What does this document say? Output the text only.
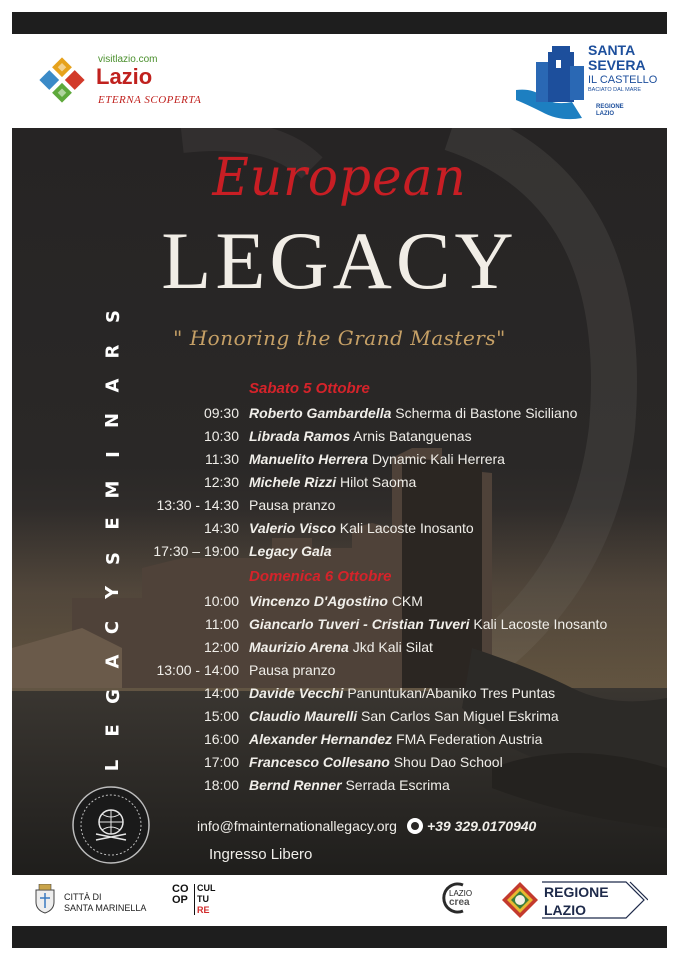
visitlazio.com
Lazio
ETERNA SCOPERTA
SANTA
SEVERA
IL CASTELLO
BACIATO DAL MARE
REGIONE
LAZIO
European
LEGACY
" Honoring the Grand Masters"
S
R
A
N
I
M
E
S
Y
C
A
G
E
L
Sabato 5 Ottobre
09:30 Roberto Gambardella Scherma di Bastone Siciliano
10:30 Librada Ramos Arnis Batanguenas
11:30 Manuelito Herrera Dynamic Kali Herrera
12:30 Michele Rizzi Hilot Saoma
13:30 - 14:30 Pausa pranzo
14:30 Valerio Visco Kali Lacoste Inosanto
17:30 – 19:00 Legacy Gala
Domenica 6 Ottobre
10:00 Vincenzo D'Agostino CKM
11:00 Giancarlo Tuveri - Cristian Tuveri Kali Lacoste Inosanto
12:00 Maurizio Arena Jkd Kali Silat
13:00 - 14:00 Pausa pranzo
14:00 Davide Vecchi Panuntukan/Abaniko Tres Puntas
15:00 Claudio Maurelli San Carlos San Miguel Eskrima
16:00 Alexander Hernandez FMA Federation Austria
17:00 Francesco Collesano Shou Dao School
18:00 Bernd Renner Serrada Escrima
info@fmainternationallegacy.org +39 329.0170940
Ingresso Libero
CITTÀ DI
SANTA MARINELLA
CO CUL
OP	TU
RE
LAZIO
crea
REGIONE
LAZIO
